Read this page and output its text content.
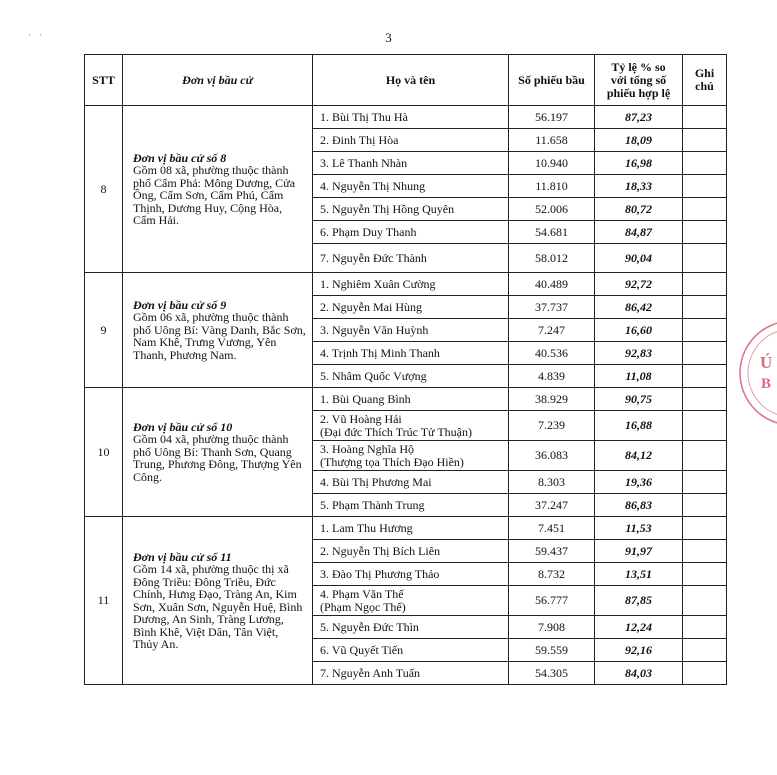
· ·	3
STT	Đơn vị bầu cử	Họ và tên	Số phiếu bầu	Tỷ lệ % so
với tổng số
phiếu hợp lệ	Ghi
chú
8	Đơn vị bầu cử số 8
Gồm 08 xã, phường thuộc thành phố Cẩm Phả: Mông Dương, Cửa Ông, Cẩm Sơn, Cẩm Phú, Cẩm Thịnh, Dương Huy, Cộng Hòa, Cẩm Hải.	1. Bùi Thị Thu Hà	56.197	87,23	
		2. Đinh Thị Hòa	11.658	18,09	
		3. Lê Thanh Nhàn	10.940	16,98	
		4. Nguyễn Thị Nhung	11.810	18,33	
		5. Nguyễn Thị Hồng Quyên	52.006	80,72	
		6. Phạm Duy Thanh	54.681	84,87	
		7. Nguyễn Đức Thành	58.012	90,04	
9	Đơn vị bầu cử số 9
Gồm 06 xã, phường thuộc thành phố Uông Bí: Vàng Danh, Bắc Sơn, Nam Khê, Trưng Vương, Yên Thanh, Phương Nam.	1. Nghiêm Xuân Cường	40.489	92,72	
		2. Nguyễn Mai Hùng	37.737	86,42	
		3. Nguyễn Văn Huỳnh	7.247	16,60	
		4. Trịnh Thị Minh Thanh	40.536	92,83	
		5. Nhâm Quốc Vượng	4.839	11,08	
10	Đơn vị bầu cử số 10
Gồm 04 xã, phường thuộc thành phố Uông Bí: Thanh Sơn, Quang Trung, Phương Đông, Thượng Yên Công.	1. Bùi Quang Bình	38.929	90,75	
		2. Vũ Hoàng Hải
(Đại đức Thích Trúc Tử Thuận)	7.239	16,88	
		3. Hoàng Nghĩa Hộ
(Thượng tọa Thích Đạo Hiền)	36.083	84,12	
		4. Bùi Thị Phương Mai	8.303	19,36	
		5. Phạm Thành Trung	37.247	86,83	
11	Đơn vị bầu cử số 11
Gồm 14 xã, phường thuộc thị xã Đông Triều: Đông Triều, Đức Chính, Hưng Đạo, Tràng An, Kim Sơn, Xuân Sơn, Nguyễn Huệ, Bình Dương, An Sinh, Tràng Lương, Bình Khê, Việt Dân, Tân Việt, Thủy An.	1. Lam Thu Hương	7.451	11,53	
		2. Nguyễn Thị Bích Liên	59.437	91,97	
		3. Đào Thị Phương Thảo	8.732	13,51	
		4. Phạm Văn Thế
(Phạm Ngọc Thế)	56.777	87,85	
		5. Nguyễn Đức Thìn	7.908	12,24	
		6. Vũ Quyết Tiến	59.559	92,16	
		7. Nguyễn Anh Tuấn	54.305	84,03	
Ú
B
